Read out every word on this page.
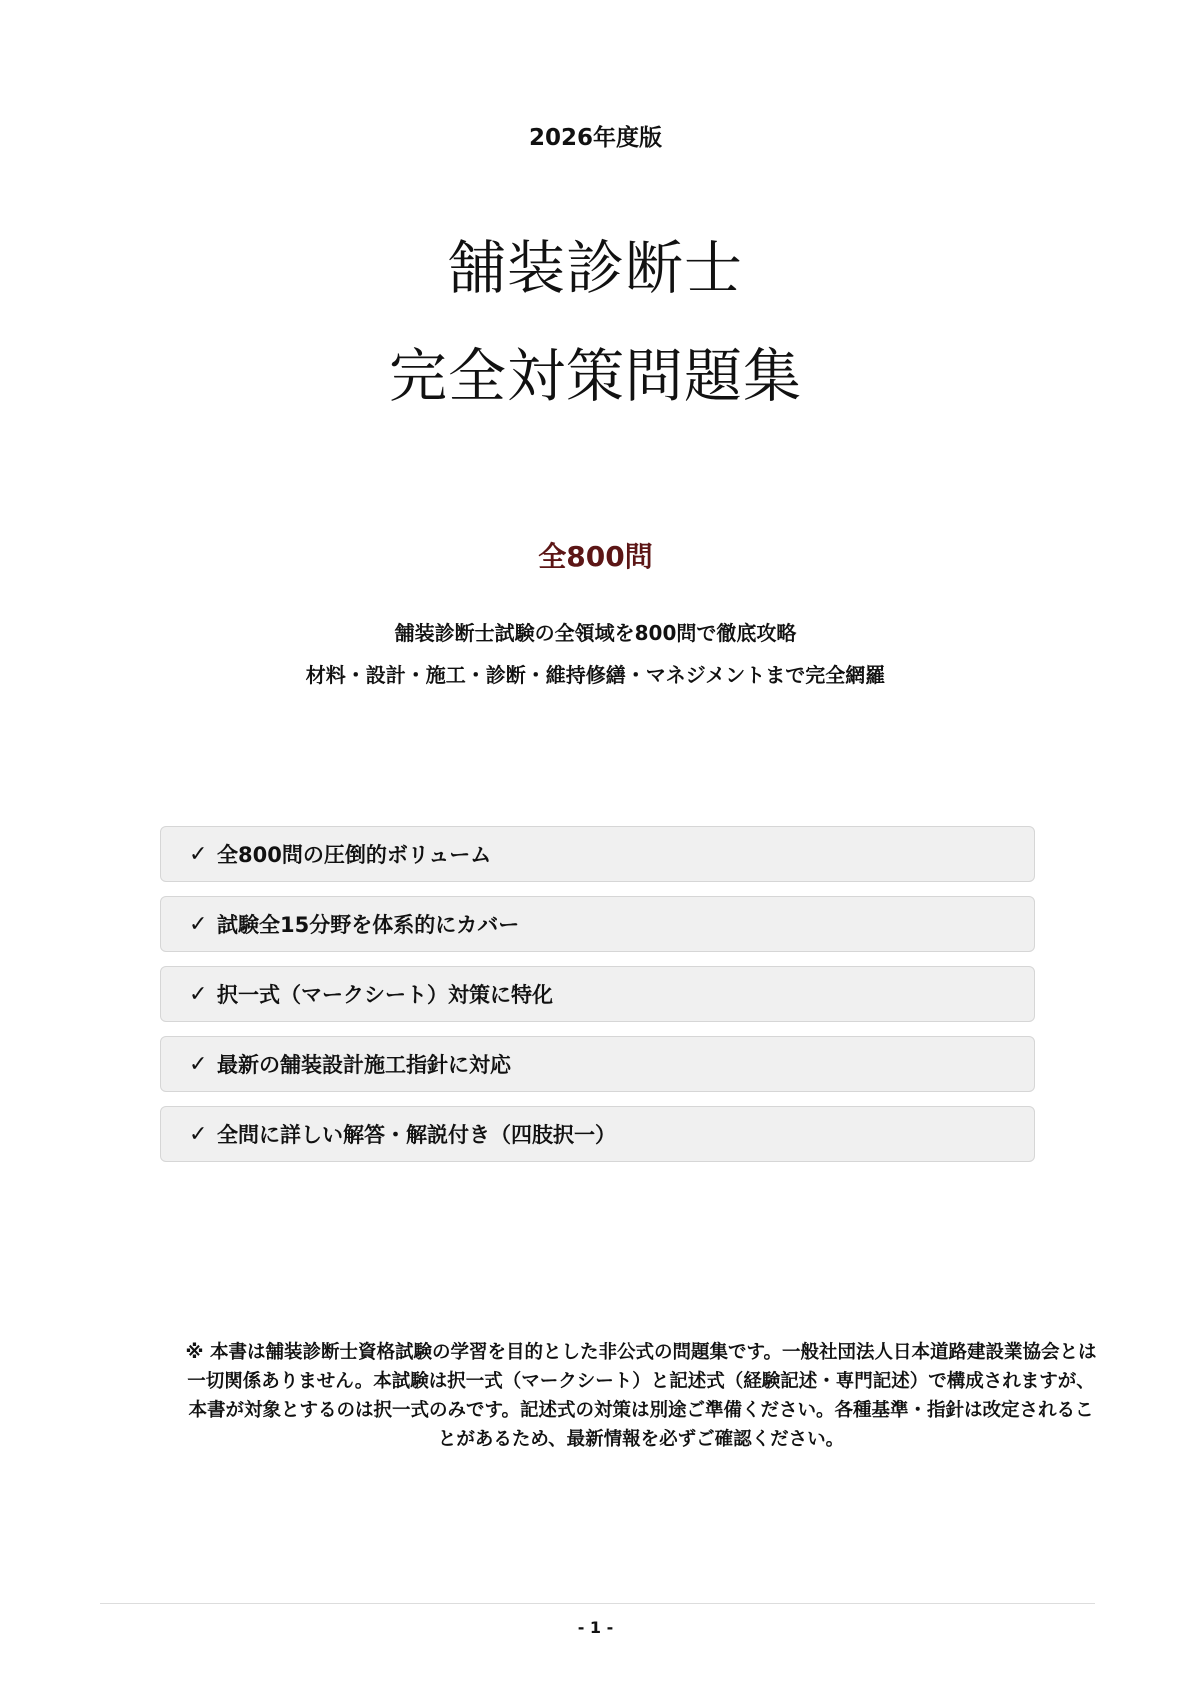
2026年度版
舗装診断士
完全対策問題集
全800問
舗装診断士試験の全領域を800問で徹底攻略
材料・設計・施工・診断・維持修繕・マネジメントまで完全網羅
✓ 全800問の圧倒的ボリューム
✓ 試験全15分野を体系的にカバー
✓ 択一式（マークシート）対策に特化
✓ 最新の舗装設計施工指針に対応
✓ 全問に詳しい解答・解説付き（四肢択一）
※ 本書は舗装診断士資格試験の学習を目的とした非公式の問題集です。一般社団法人日本道路建設業協会とは一切関係ありません。本試験は択一式（マークシート）と記述式（経験記述・専門記述）で構成されますが、本書が対象とするのは択一式のみです。記述式の対策は別途ご準備ください。各種基準・指針は改定されることがあるため、最新情報を必ずご確認ください。
- 1 -
